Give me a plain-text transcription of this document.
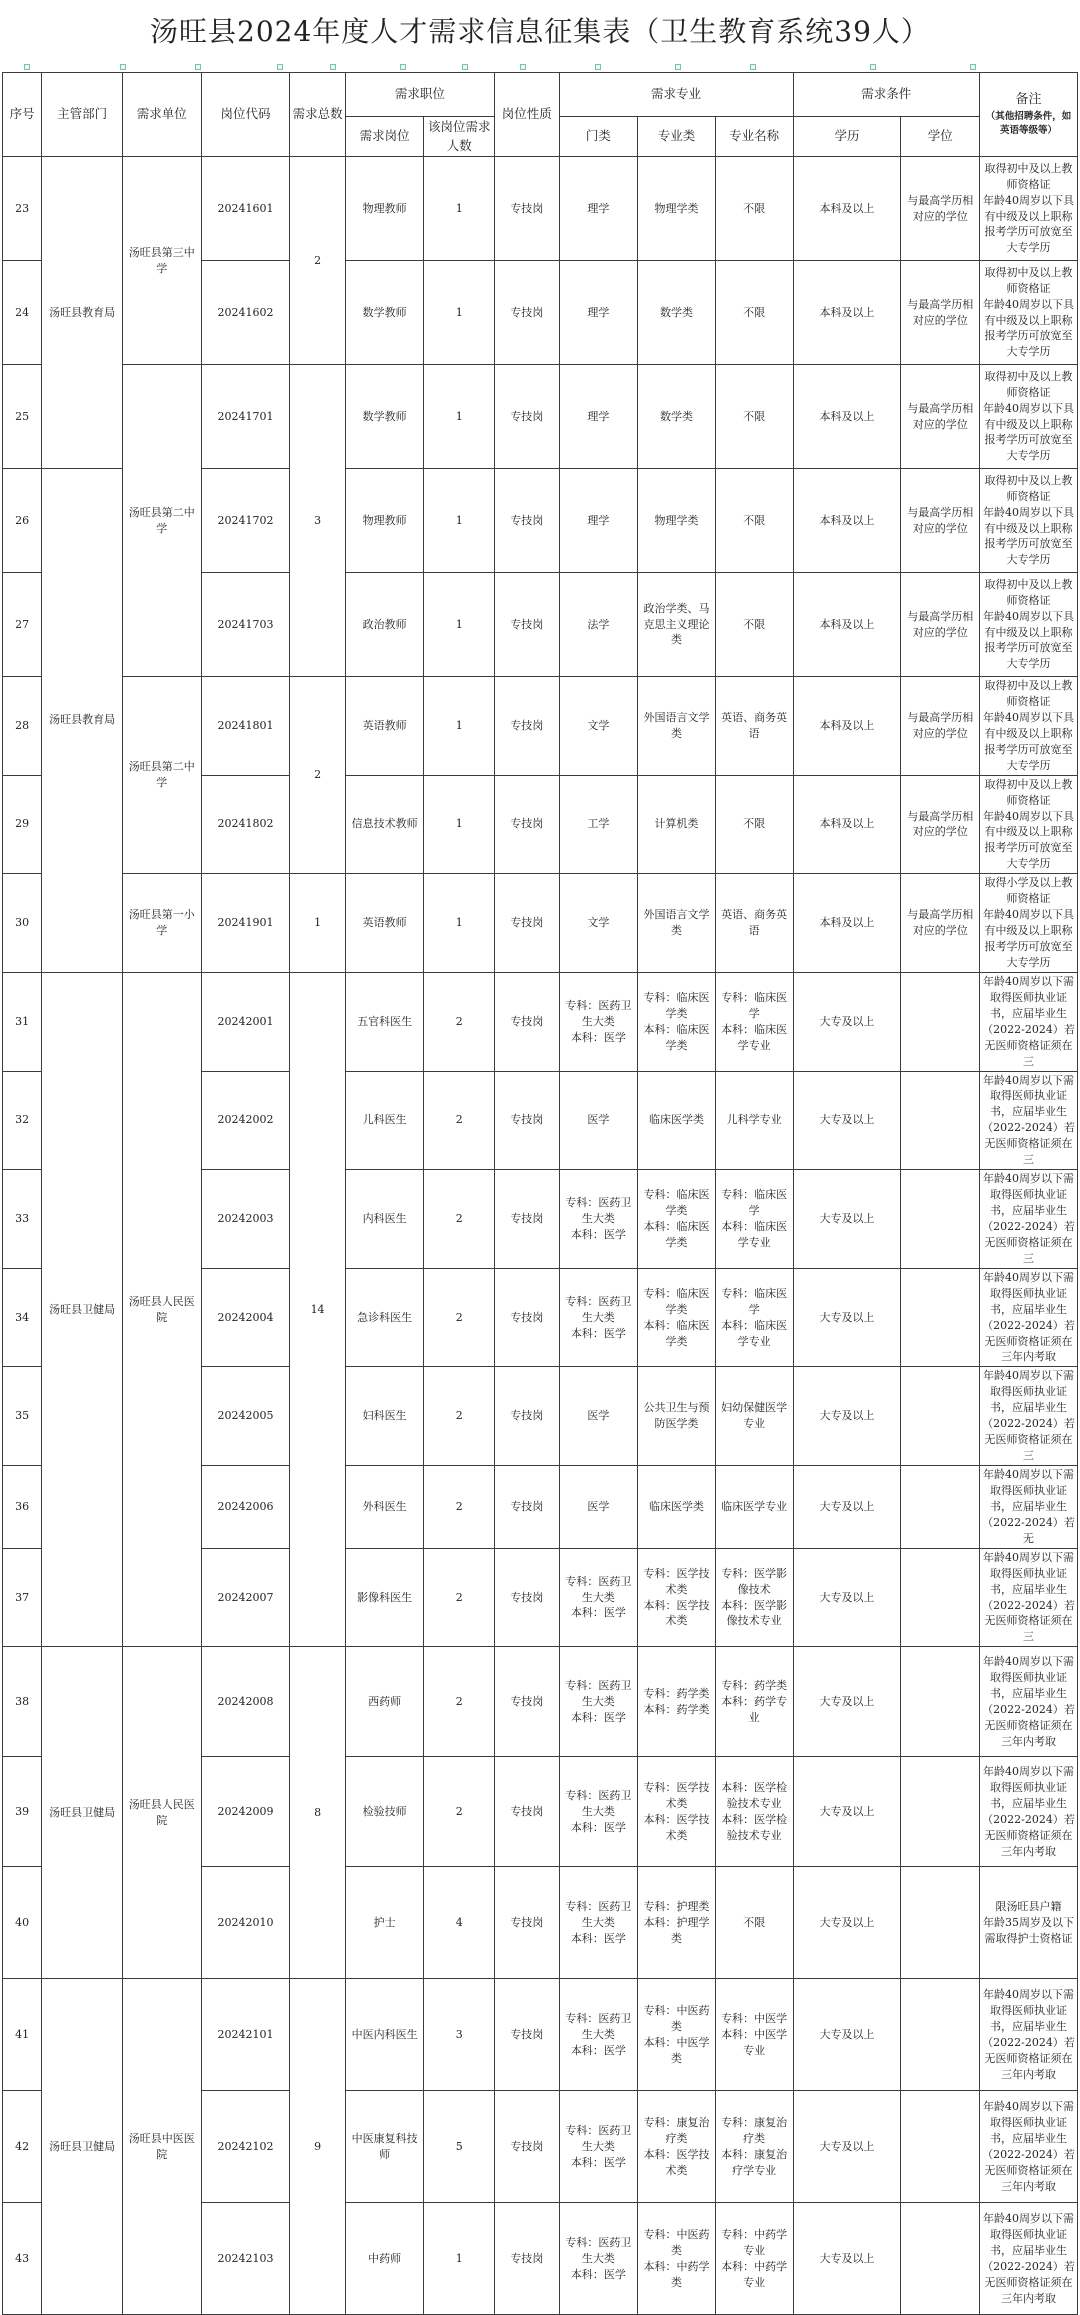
汤旺县2024年度人才需求信息征集表（卫生教育系统39人）
序号	主管部门	需求单位	岗位代码	需求总数	需求职位		岗位性质	需求专业			需求条件		备注
（其他招聘条件，如英语等级等）

					需求岗位	该岗位需求人数		门类	专业类	专业名称	学历	学位	
23	汤旺县教育局	汤旺县第三中学	20241601	2	物理教师	1	专技岗	理学	物理学类	不限	本科及以上	与最高学历相对应的学位	取得初中及以上教师资格证
年龄40周岁以下具有中级及以上职称报考学历可放宽至大专学历
24			20241602		数学教师	1	专技岗	理学	数学类	不限	本科及以上	与最高学历相对应的学位	取得初中及以上教师资格证
年龄40周岁以下具有中级及以上职称报考学历可放宽至大专学历
25		汤旺县第二中学	20241701	3	数学教师	1	专技岗	理学	数学类	不限	本科及以上	与最高学历相对应的学位	取得初中及以上教师资格证
年龄40周岁以下具有中级及以上职称报考学历可放宽至大专学历
26	汤旺县教育局		20241702		物理教师	1	专技岗	理学	物理学类	不限	本科及以上	与最高学历相对应的学位	取得初中及以上教师资格证
年龄40周岁以下具有中级及以上职称报考学历可放宽至大专学历
27			20241703		政治教师	1	专技岗	法学	政治学类、马克思主义理论类	不限	本科及以上	与最高学历相对应的学位	取得初中及以上教师资格证
年龄40周岁以下具有中级及以上职称报考学历可放宽至大专学历
28		汤旺县第二中学	20241801	2	英语教师	1	专技岗	文学	外国语言文学类	英语、商务英语	本科及以上	与最高学历相对应的学位	取得初中及以上教师资格证
年龄40周岁以下具有中级及以上职称报考学历可放宽至大专学历
29			20241802		信息技术教师	1	专技岗	工学	计算机类	不限	本科及以上	与最高学历相对应的学位	取得初中及以上教师资格证
年龄40周岁以下具有中级及以上职称报考学历可放宽至大专学历
30		汤旺县第一小学	20241901	1	英语教师	1	专技岗	文学	外国语言文学类	英语、商务英语	本科及以上	与最高学历相对应的学位	取得小学及以上教师资格证
年龄40周岁以下具有中级及以上职称报考学历可放宽至大专学历
31	汤旺县卫健局	汤旺县人民医院	20242001	14	五官科医生	2	专技岗	专科：医药卫生大类
本科：医学	专科：临床医学类
本科：临床医学类	专科：临床医学
本科：临床医学专业	大专及以上		年龄40周岁以下需取得医师执业证书，应届毕业生（2022-2024）若无医师资格证须在三
32			20242002		儿科医生	2	专技岗	医学	临床医学类	儿科学专业	大专及以上		年龄40周岁以下需取得医师执业证书，应届毕业生（2022-2024）若无医师资格证须在三
33			20242003		内科医生	2	专技岗	专科：医药卫生大类
本科：医学	专科：临床医学类
本科：临床医学类	专科：临床医学
本科：临床医学专业	大专及以上		年龄40周岁以下需取得医师执业证书，应届毕业生（2022-2024）若无医师资格证须在三
34			20242004		急诊科医生	2	专技岗	专科：医药卫生大类
本科：医学	专科：临床医学类
本科：临床医学类	专科：临床医学
本科：临床医学专业	大专及以上		年龄40周岁以下需取得医师执业证书，应届毕业生（2022-2024）若无医师资格证须在三年内考取
35			20242005		妇科医生	2	专技岗	医学	公共卫生与预防医学类	妇幼保健医学专业	大专及以上		年龄40周岁以下需取得医师执业证书，应届毕业生（2022-2024）若无医师资格证须在三
36			20242006		外科医生	2	专技岗	医学	临床医学类	临床医学专业	大专及以上		年龄40周岁以下需取得医师执业证书，应届毕业生（2022-2024）若无
37			20242007		影像科医生	2	专技岗	专科：医药卫生大类
本科：医学	专科：医学技术类
本科：医学技术类	专科：医学影像技术
本科：医学影像技术专业	大专及以上		年龄40周岁以下需取得医师执业证书，应届毕业生（2022-2024）若无医师资格证须在三
38	汤旺县卫健局	汤旺县人民医院	20242008	8	西药师	2	专技岗	专科：医药卫生大类
本科：医学	专科：药学类
本科：药学类	专科：药学类
本科：药学专业	大专及以上		年龄40周岁以下需取得医师执业证书，应届毕业生（2022-2024）若无医师资格证须在三年内考取
39			20242009		检验技师	2	专技岗	专科：医药卫生大类
本科：医学	专科：医学技术类
本科：医学技术类	本科：医学检验技术专业
本科：医学检验技术专业	大专及以上		年龄40周岁以下需取得医师执业证书，应届毕业生（2022-2024）若无医师资格证须在三年内考取
40			20242010		护士	4	专技岗	专科：医药卫生大类
本科：医学	专科：护理类
本科：护理学类	不限	大专及以上		限汤旺县户籍
年龄35周岁及以下需取得护士资格证
41	汤旺县卫健局	汤旺县中医医院	20242101	9	中医内科医生	3	专技岗	专科：医药卫生大类
本科：医学	专科：中医药类
本科：中医学类	专科：中医学
本科：中医学专业	大专及以上		年龄40周岁以下需取得医师执业证书，应届毕业生（2022-2024）若无医师资格证须在三年内考取
42			20242102		中医康复科技师	5	专技岗	专科：医药卫生大类
本科：医学	专科：康复治疗类
本科：医学技术类	专科：康复治疗类
本科：康复治疗学专业	大专及以上		年龄40周岁以下需取得医师执业证书，应届毕业生（2022-2024）若无医师资格证须在三年内考取
43			20242103		中药师	1	专技岗	专科：医药卫生大类
本科：医学	专科：中医药类
本科：中药学类	专科：中药学专业
本科：中药学专业	大专及以上		年龄40周岁以下需取得医师执业证书，应届毕业生（2022-2024）若无医师资格证须在三年内考取
